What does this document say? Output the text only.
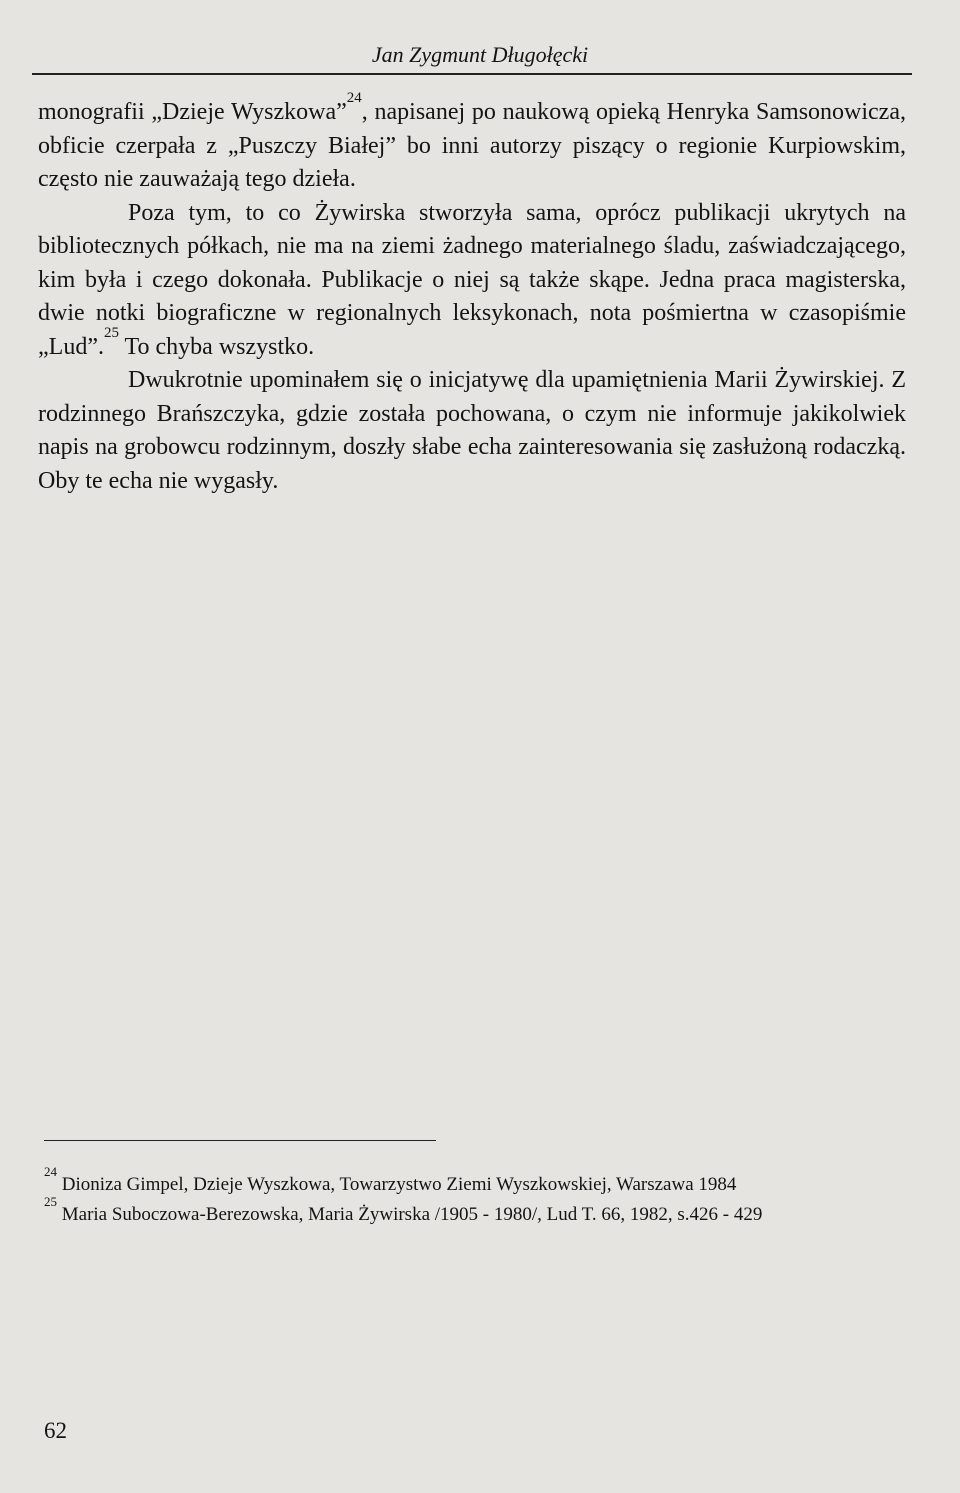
Jan Zygmunt Długołęcki

monografii „Dzieje Wyszkowa”$^{24}$, napisanej po naukową opieką Henryka Samsonowicza, obficie czerpała z „Puszczy Białej” bo inni autorzy piszący o regionie Kurpiowskim, często nie zauważają tego dzieła.

Poza tym, to co Żywirska stworzyła sama, oprócz publikacji ukrytych na bibliotecznych półkach, nie ma na ziemi żadnego materialnego śladu, zaświadczającego, kim była i czego dokonała. Publikacje o niej są także skąpe. Jedna praca magisterska, dwie notki biograficzne w regionalnych leksykonach, nota pośmiertna w czasopiśmie „Lud”.$^{25}$ To chyba wszystko.

Dwukrotnie upominałem się o inicjatywę dla upamiętnienia Marii Żywirskiej. Z rodzinnego Brańszczyka, gdzie została pochowana, o czym nie informuje jakikolwiek napis na grobowcu rodzinnym, doszły słabe echa zainteresowania się zasłużoną rodaczką. Oby te echa nie wygasły.

$^{24}$ Dioniza Gimpel, Dzieje Wyszkowa, Towarzystwo Ziemi Wyszkowskiej, Warszawa 1984
$^{25}$ Maria Suboczowa-Berezowska, Maria Żywirska /1905 - 1980/, Lud T. 66, 1982, s.426 - 429
62
